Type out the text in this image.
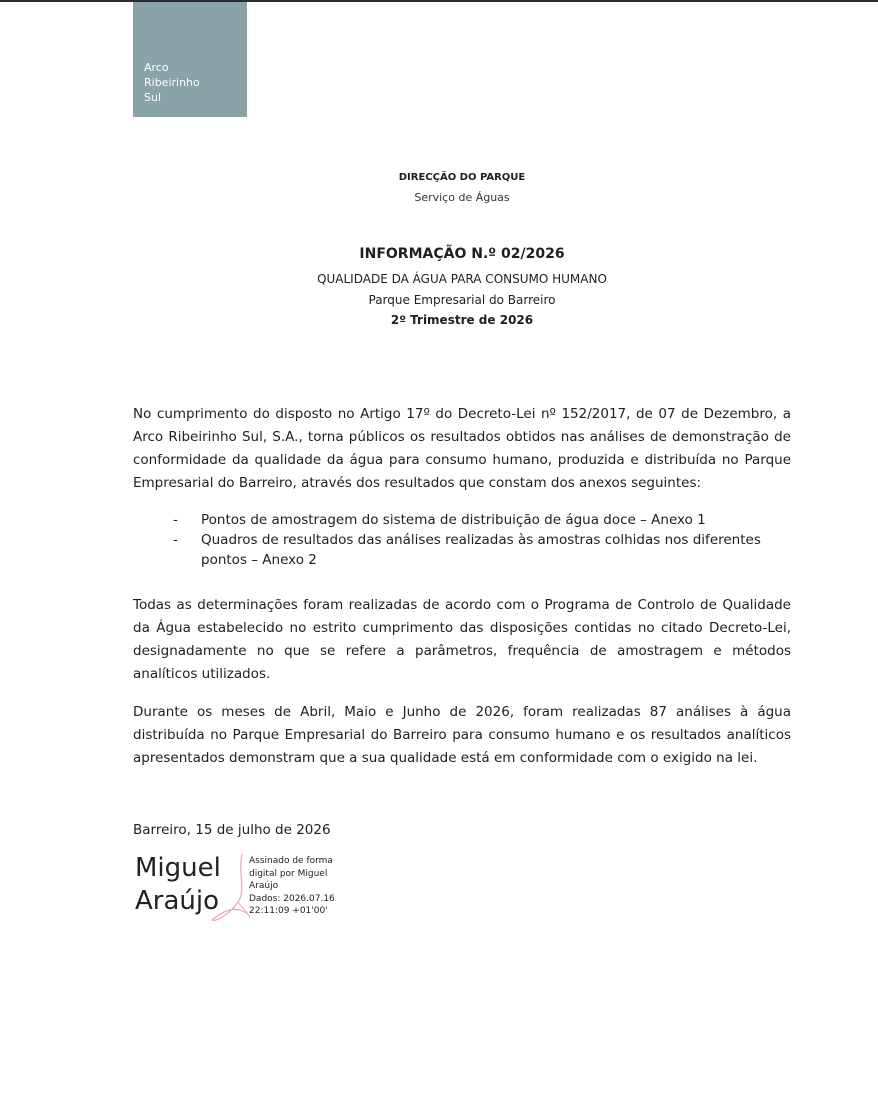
Arco
Ribeirinho
Sul
DIRECÇÃO DO PARQUE
Serviço de Águas
INFORMAÇÃO N.º 02/2026
QUALIDADE DA ÁGUA PARA CONSUMO HUMANO
Parque Empresarial do Barreiro
2º Trimestre de 2026
No cumprimento do disposto no Artigo 17º do Decreto-Lei nº 152/2017, de 07 de Dezembro, a Arco Ribeirinho Sul, S.A., torna públicos os resultados obtidos nas análises de demonstração de conformidade da qualidade da água para consumo humano, produzida e distribuída no Parque Empresarial do Barreiro, através dos resultados que constam dos anexos seguintes:
- Pontos de amostragem do sistema de distribuição de água doce – Anexo 1
- Quadros de resultados das análises realizadas às amostras colhidas nos diferentes pontos – Anexo 2
Todas as determinações foram realizadas de acordo com o Programa de Controlo de Qualidade da Água estabelecido no estrito cumprimento das disposições contidas no citado Decreto-Lei, designadamente no que se refere a parâmetros, frequência de amostragem e métodos analíticos utilizados.
Durante os meses de Abril, Maio e Junho de 2026, foram realizadas 87 análises à água distribuída no Parque Empresarial do Barreiro para consumo humano e os resultados analíticos apresentados demonstram que a sua qualidade está em conformidade com o exigido na lei.
Barreiro, 15 de julho de 2026
Miguel
Araújo
Assinado de forma
digital por Miguel
Araújo
Dados: 2026.07.16
22:11:09 +01'00'
